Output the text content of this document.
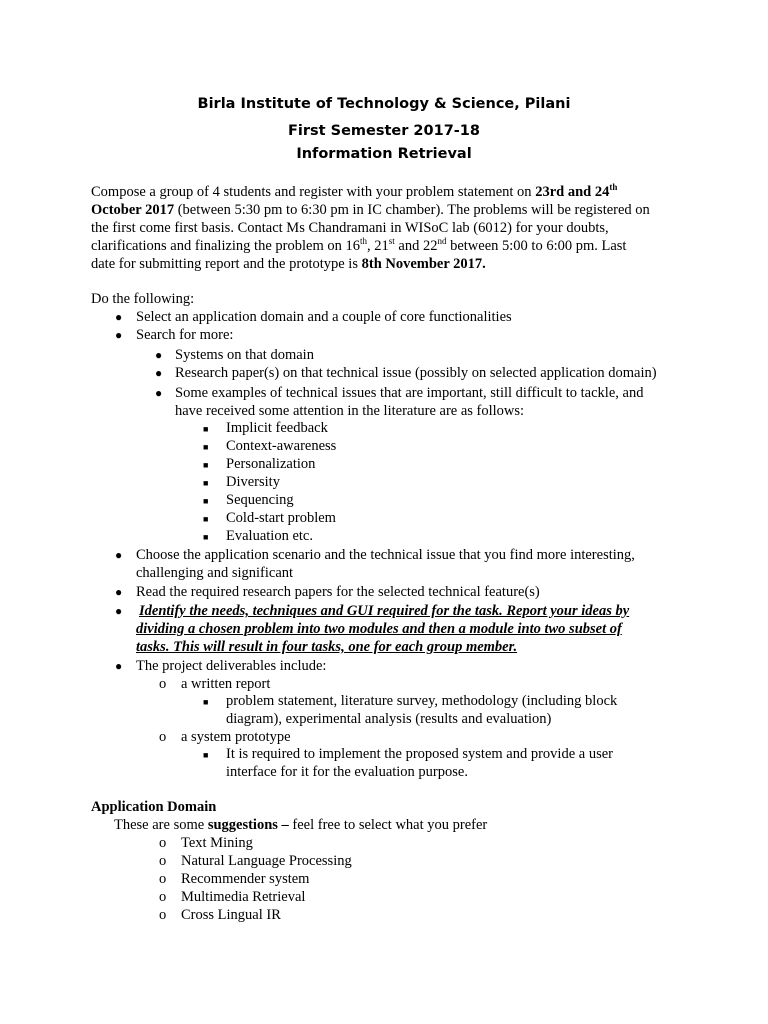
Birla Institute of Technology & Science, Pilani
First Semester 2017-18
Information Retrieval
Compose a group of 4 students and register with your problem statement on 23rd and 24th
October 2017 (between 5:30 pm to 6:30 pm in IC chamber). The problems will be registered on
the first come first basis. Contact Ms Chandramani in WISoC lab (6012) for your doubts,
clarifications and finalizing the problem on 16th, 21st and 22nd between 5:00 to 6:00 pm. Last
date for submitting report and the prototype is 8th November 2017.
Do the following:
● Select an application domain and a couple of core functionalities
● Search for more:
● Systems on that domain
● Research paper(s) on that technical issue (possibly on selected application domain)
● Some examples of technical issues that are important, still difficult to tackle, and
have received some attention in the literature are as follows:
■ Implicit feedback
■ Context-awareness
■ Personalization
■ Diversity
■ Sequencing
■ Cold-start problem
■ Evaluation etc.
● Choose the application scenario and the technical issue that you find more interesting,
challenging and significant
● Read the required research papers for the selected technical feature(s)
● Identify the needs, techniques and GUI required for the task. Report your ideas by
dividing a chosen problem into two modules and then a module into two subset of
tasks. This will result in four tasks, one for each group member.
● The project deliverables include:
o a written report
■ problem statement, literature survey, methodology (including block
diagram), experimental analysis (results and evaluation)
o a system prototype
■ It is required to implement the proposed system and provide a user
interface for it for the evaluation purpose.
Application Domain
These are some suggestions – feel free to select what you prefer
o Text Mining
o Natural Language Processing
o Recommender system
o Multimedia Retrieval
o Cross Lingual IR
